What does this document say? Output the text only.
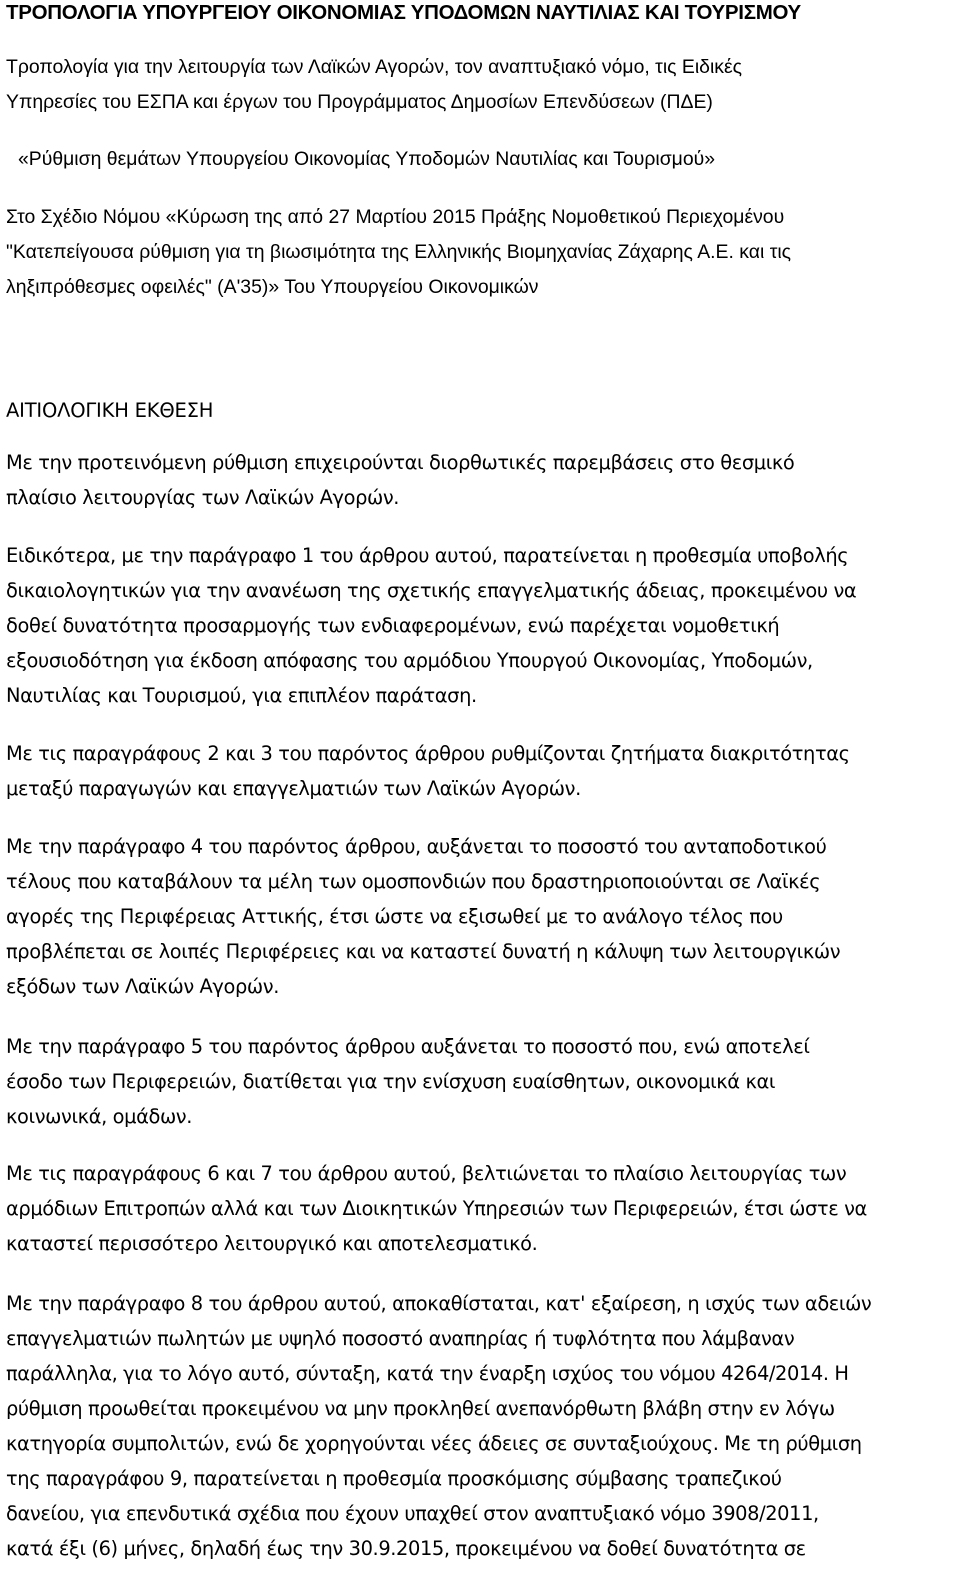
ΤΡΟΠΟΛΟΓΙΑ ΥΠΟΥΡΓΕΙΟΥ ΟΙΚΟΝΟΜΙΑΣ ΥΠΟΔΟΜΩΝ ΝΑΥΤΙΛΙΑΣ ΚΑΙ ΤΟΥΡΙΣΜΟΥ
Τροπολογία για την λειτουργία των Λαϊκών Αγορών, τον αναπτυξιακό νόμο, τις Ειδικές
Υπηρεσίες του ΕΣΠΑ και έργων του Προγράμματος Δημοσίων Επενδύσεων (ΠΔΕ)
«Ρύθμιση θεμάτων Υπουργείου Οικονομίας Υποδομών Ναυτιλίας και Τουρισμού»
Στο Σχέδιο Νόμου «Κύρωση της από 27 Μαρτίου 2015 Πράξης Νομοθετικού Περιεχομένου
"Κατεπείγουσα ρύθμιση για τη βιωσιμότητα της Ελληνικής Βιομηχανίας Ζάχαρης Α.Ε. και τις
ληξιπρόθεσμες οφειλές" (Α'35)» Του Υπουργείου Οικονομικών
ΑΙΤΙΟΛΟΓΙΚΗ ΕΚΘΕΣΗ
Με την προτεινόμενη ρύθμιση επιχειρούνται διορθωτικές παρεμβάσεις στο θεσμικό
πλαίσιο λειτουργίας των Λαϊκών Αγορών.
Ειδικότερα, με την παράγραφο 1 του άρθρου αυτού, παρατείνεται η προθεσμία υποβολής
δικαιολογητικών για την ανανέωση της σχετικής επαγγελματικής άδειας, προκειμένου να
δοθεί δυνατότητα προσαρμογής των ενδιαφερομένων, ενώ παρέχεται νομοθετική
εξουσιοδότηση για έκδοση απόφασης του αρμόδιου Υπουργού Οικονομίας, Υποδομών,
Ναυτιλίας και Τουρισμού, για επιπλέον παράταση.
Με τις παραγράφους 2 και 3 του παρόντος άρθρου ρυθμίζονται ζητήματα διακριτότητας
μεταξύ παραγωγών και επαγγελματιών των Λαϊκών Αγορών.
Με την παράγραφο 4 του παρόντος άρθρου, αυξάνεται το ποσοστό του ανταποδοτικού
τέλους που καταβάλουν τα μέλη των ομοσπονδιών που δραστηριοποιούνται σε Λαϊκές
αγορές της Περιφέρειας Αττικής, έτσι ώστε να εξισωθεί με το ανάλογο τέλος που
προβλέπεται σε λοιπές Περιφέρειες και να καταστεί δυνατή η κάλυψη των λειτουργικών
εξόδων των Λαϊκών Αγορών.
Με την παράγραφο 5 του παρόντος άρθρου αυξάνεται το ποσοστό που, ενώ αποτελεί
έσοδο των Περιφερειών, διατίθεται για την ενίσχυση ευαίσθητων, οικονομικά και
κοινωνικά, ομάδων.
Με τις παραγράφους 6 και 7 του άρθρου αυτού, βελτιώνεται το πλαίσιο λειτουργίας των
αρμόδιων Επιτροπών αλλά και των Διοικητικών Υπηρεσιών των Περιφερειών, έτσι ώστε να
καταστεί περισσότερο λειτουργικό και αποτελεσματικό.
Με την παράγραφο 8 του άρθρου αυτού, αποκαθίσταται, κατ' εξαίρεση, η ισχύς των αδειών
επαγγελματιών πωλητών με υψηλό ποσοστό αναπηρίας ή τυφλότητα που λάμβαναν
παράλληλα, για το λόγο αυτό, σύνταξη, κατά την έναρξη ισχύος του νόμου 4264/2014. Η
ρύθμιση προωθείται προκειμένου να μην προκληθεί ανεπανόρθωτη βλάβη στην εν λόγω
κατηγορία συμπολιτών, ενώ δε χορηγούνται νέες άδειες σε συνταξιούχους. Με τη ρύθμιση
της παραγράφου 9, παρατείνεται η προθεσμία προσκόμισης σύμβασης τραπεζικού
δανείου, για επενδυτικά σχέδια που έχουν υπαχθεί στον αναπτυξιακό νόμο 3908/2011,
κατά έξι (6) μήνες, δηλαδή έως την 30.9.2015, προκειμένου να δοθεί δυνατότητα σε
